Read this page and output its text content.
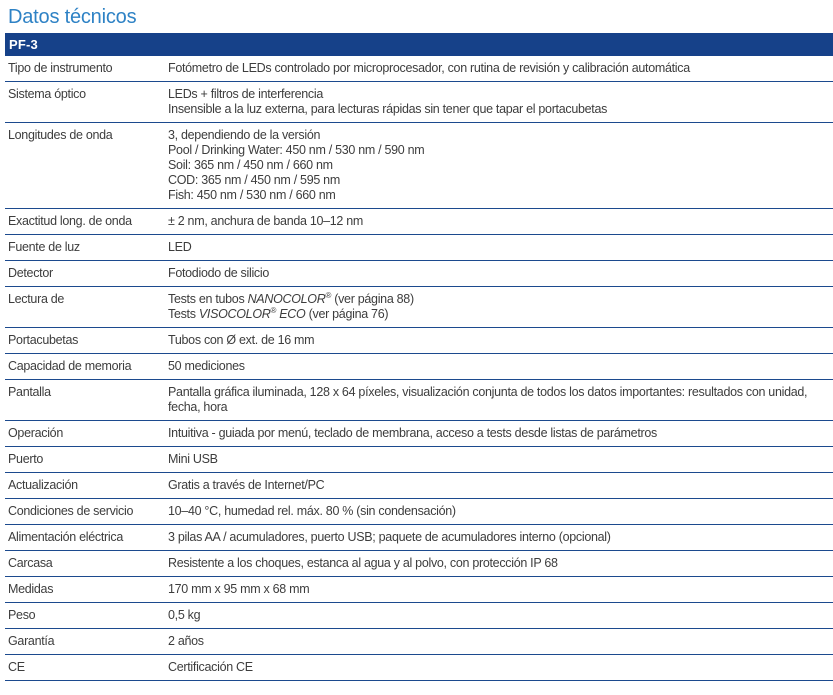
Datos técnicos
PF-3
Tipo de instrumento	Fotómetro de LEDs controlado por microprocesador, con rutina de revisión y calibración automática
Sistema óptico	LEDs + filtros de interferencia
Insensible a la luz externa, para lecturas rápidas sin tener que tapar el portacubetas
Longitudes de onda	3, dependiendo de la versión
Pool / Drinking Water: 450 nm / 530 nm / 590 nm
Soil: 365 nm / 450 nm / 660 nm
COD: 365 nm / 450 nm / 595 nm
Fish: 450 nm / 530 nm / 660 nm
Exactitud long. de onda	± 2 nm, anchura de banda 10–12 nm
Fuente de luz	LED
Detector	Fotodiodo de silicio
Lectura de	Tests en tubos NANOCOLOR® (ver página 88)
Tests VISOCOLOR® ECO (ver página 76)
Portacubetas	Tubos con Ø ext. de 16 mm
Capacidad de memoria	50 mediciones
Pantalla	Pantalla gráfica iluminada, 128 x 64 píxeles, visualización conjunta de todos los datos importantes: resultados con unidad,
fecha, hora
Operación	Intuitiva - guiada por menú, teclado de membrana, acceso a tests desde listas de parámetros
Puerto	Mini USB
Actualización	Gratis a través de Internet/PC
Condiciones de servicio	10–40 °C, humedad rel. máx. 80 % (sin condensación)
Alimentación eléctrica	3 pilas AA / acumuladores, puerto USB; paquete de acumuladores interno (opcional)
Carcasa	Resistente a los choques, estanca al agua y al polvo, con protección IP 68
Medidas	170 mm x 95 mm x 68 mm
Peso	0,5 kg
Garantía	2 años
CE	Certificación CE
